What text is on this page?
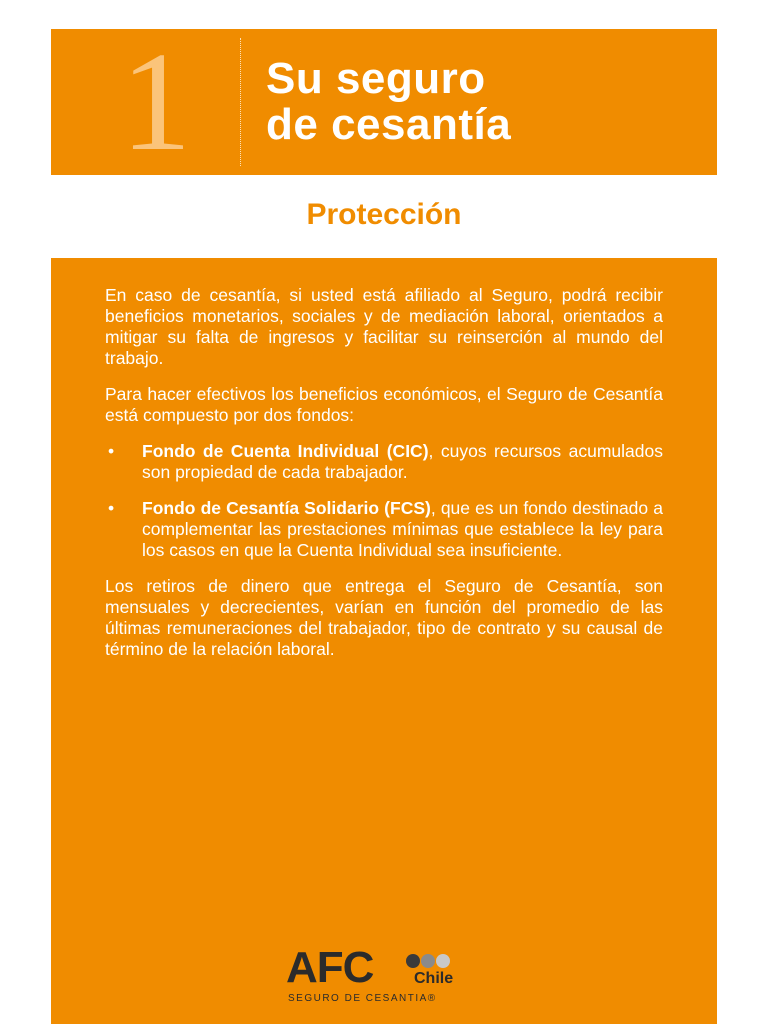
1	Su seguro
de cesantía
Protección

En caso de cesantía, si usted está afiliado al Seguro, podrá recibir beneficios monetarios, sociales y de mediación laboral, orientados a mitigar su falta de ingresos y facilitar su reinserción al mundo del trabajo.

Para hacer efectivos los beneficios económicos, el Seguro de Cesantía está compuesto por dos fondos:

• Fondo de Cuenta Individual (CIC), cuyos recursos acumulados son propiedad de cada trabajador.
• Fondo de Cesantía Solidario (FCS), que es un fondo destinado a complementar las prestaciones mínimas que establece la ley para los casos en que la Cuenta Individual sea insuficiente.

Los retiros de dinero que entrega el Seguro de Cesantía, son mensuales y decrecientes, varían en función del promedio de las últimas remuneraciones del trabajador, tipo de contrato y su causal de término de la relación laboral.

AFC	Chile
SEGURO DE CESANTIA®
